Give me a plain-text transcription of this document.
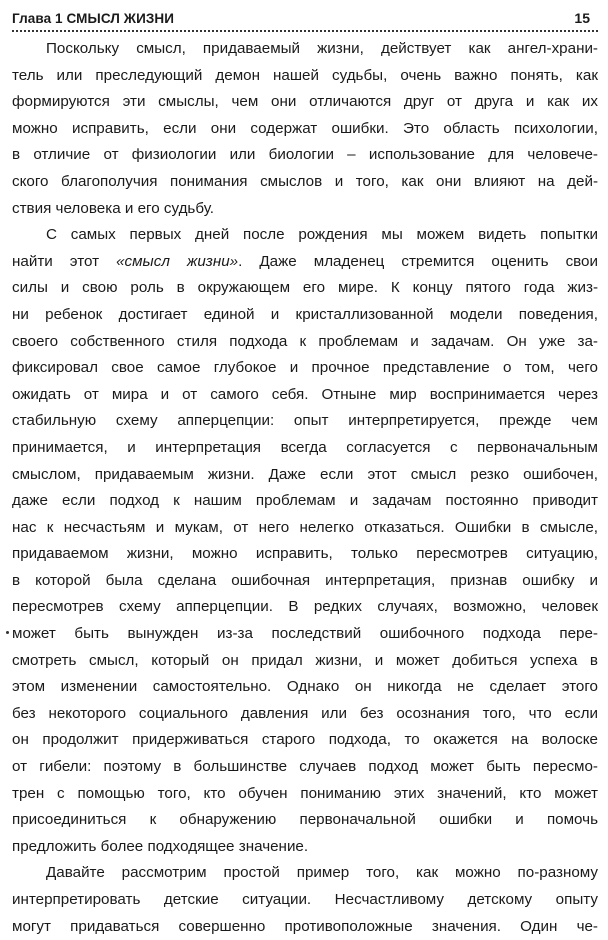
Глава 1 СМЫСЛ ЖИЗНИ	15
Поскольку смысл, придаваемый жизни, действует как ангел-храни-
тель или преследующий демон нашей судьбы, очень важно понять, как
формируются эти смыслы, чем они отличаются друг от друга и как их
можно исправить, если они содержат ошибки. Это область психологии,
в отличие от физиологии или биологии – использование для человече-
ского благополучия понимания смыслов и того, как они влияют на дей-
ствия человека и его судьбу.
С самых первых дней после рождения мы можем видеть попытки
найти этот «смысл жизни». Даже младенец стремится оценить свои
силы и свою роль в окружающем его мире. К концу пятого года жиз-
ни ребенок достигает единой и кристаллизованной модели поведения,
своего собственного стиля подхода к проблемам и задачам. Он уже за-
фиксировал свое самое глубокое и прочное представление о том, чего
ожидать от мира и от самого себя. Отныне мир воспринимается через
стабильную схему апперцепции: опыт интерпретируется, прежде чем
принимается, и интерпретация всегда согласуется с первоначальным
смыслом, придаваемым жизни. Даже если этот смысл резко ошибочен,
даже если подход к нашим проблемам и задачам постоянно приводит
нас к несчастьям и мукам, от него нелегко отказаться. Ошибки в смысле,
придаваемом жизни, можно исправить, только пересмотрев ситуацию,
в которой была сделана ошибочная интерпретация, признав ошибку и
пересмотрев схему апперцепции. В редких случаях, возможно, человек
может быть вынужден из-за последствий ошибочного подхода пере-
смотреть смысл, который он придал жизни, и может добиться успеха в
этом изменении самостоятельно. Однако он никогда не сделает этого
без некоторого социального давления или без осознания того, что если
он продолжит придерживаться старого подхода, то окажется на волоске
от гибели: поэтому в большинстве случаев подход может быть пересмо-
трен с помощью того, кто обучен пониманию этих значений, кто может
присоединиться к обнаружению первоначальной ошибки и помочь
предложить более подходящее значение.
Давайте рассмотрим простой пример того, как можно по-разному
интерпретировать детские ситуации. Несчастливому детскому опыту
могут придаваться совершенно противоположные значения. Один че-
